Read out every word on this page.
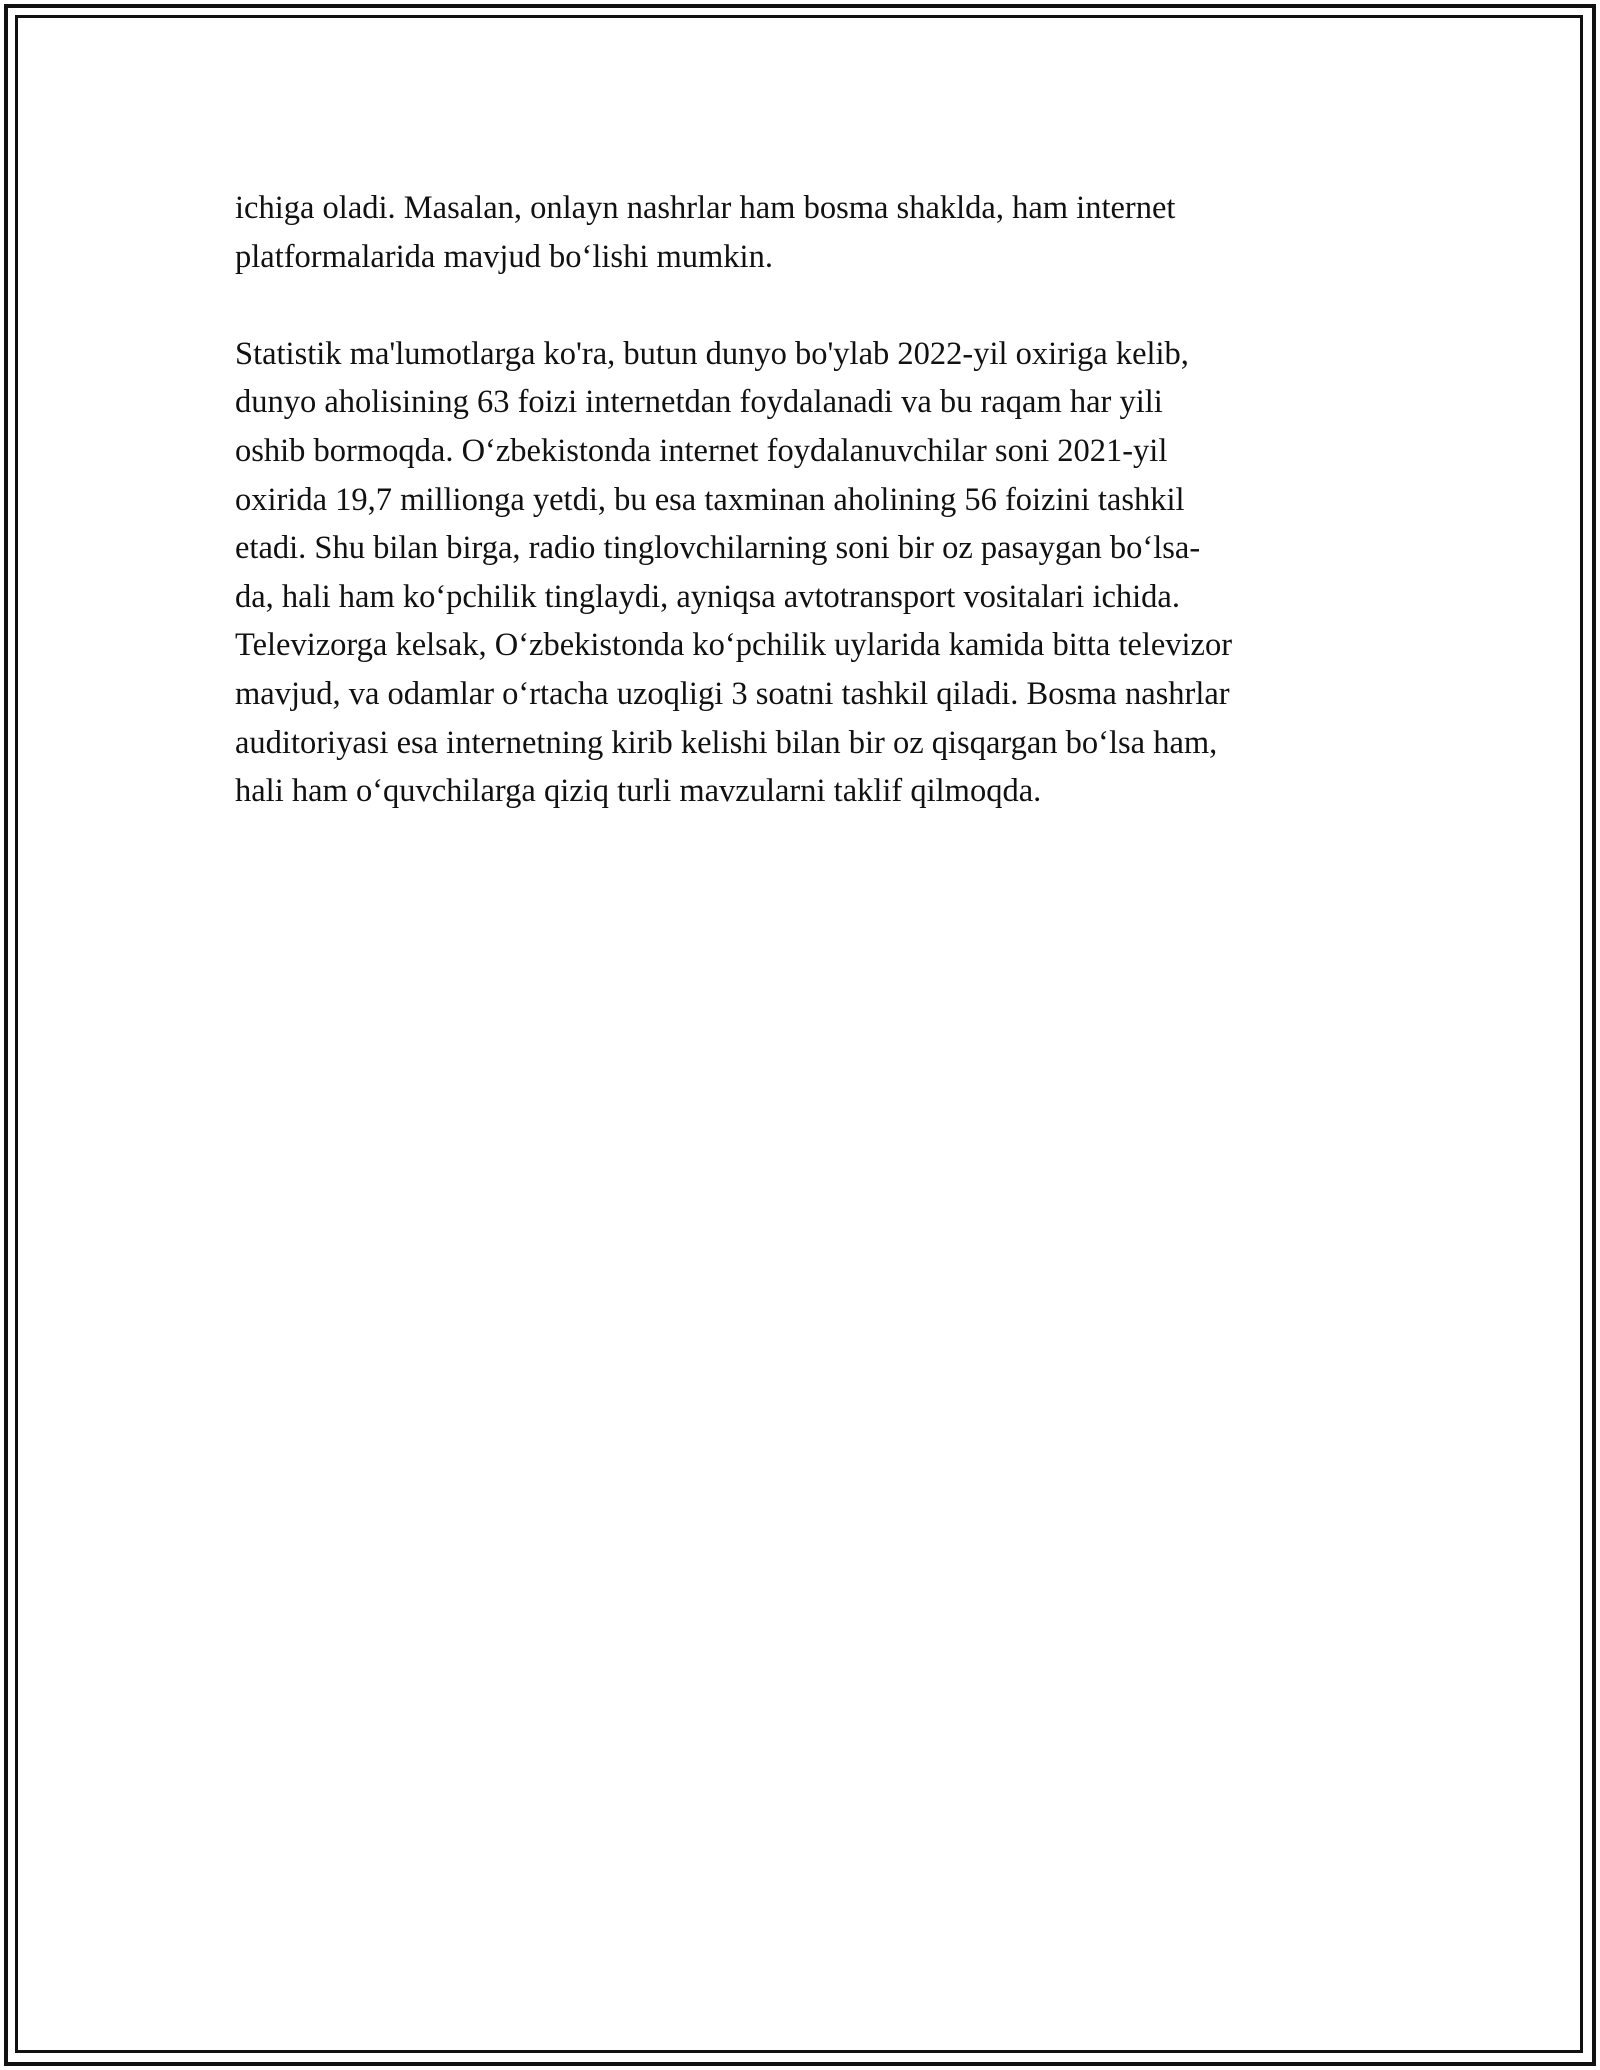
ichiga oladi. Masalan, onlayn nashrlar ham bosma shaklda, ham internet
platformalarida mavjud boʻlishi mumkin.

Statistik ma'lumotlarga ko'ra, butun dunyo bo'ylab 2022-yil oxiriga kelib,
dunyo aholisining 63 foizi internetdan foydalanadi va bu raqam har yili
oshib bormoqda. Oʻzbekistonda internet foydalanuvchilar soni 2021-yil
oxirida 19,7 millionga yetdi, bu esa taxminan aholining 56 foizini tashkil
etadi. Shu bilan birga, radio tinglovchilarning soni bir oz pasaygan boʻlsa-
da, hali ham koʻpchilik tinglaydi, ayniqsa avtotransport vositalari ichida.
Televizorga kelsak, Oʻzbekistonda koʻpchilik uylarida kamida bitta televizor
mavjud, va odamlar oʻrtacha uzoqligi 3 soatni tashkil qiladi. Bosma nashrlar
auditoriyasi esa internetning kirib kelishi bilan bir oz qisqargan boʻlsa ham,
hali ham oʻquvchilarga qiziq turli mavzularni taklif qilmoqda.
